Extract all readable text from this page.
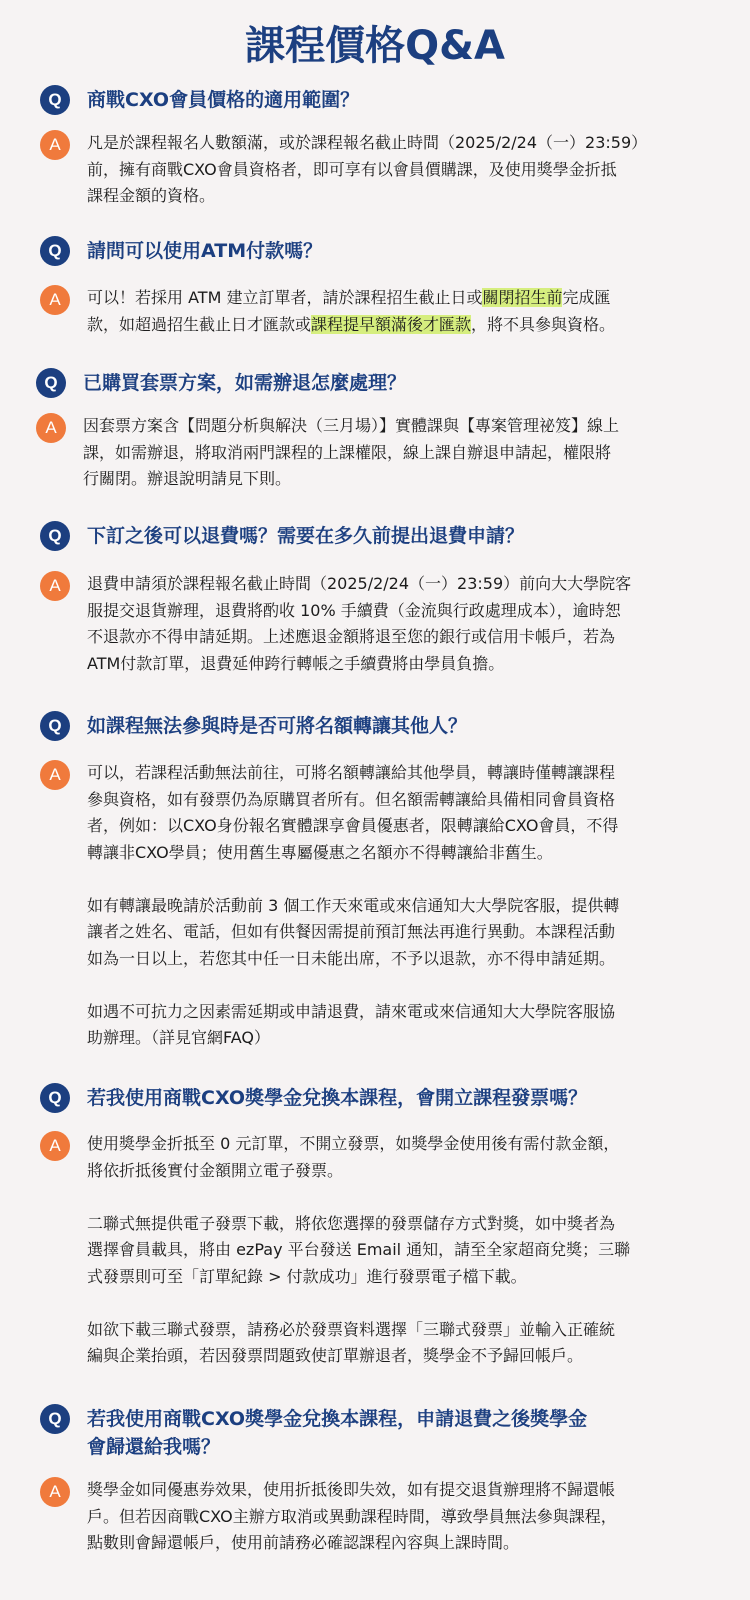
課程價格Q&A
Q	商戰CXO會員價格的適用範圍？
A	凡是於課程報名人數額滿，或於課程報名截止時間（2025/2/24（一）23:59）
前，擁有商戰CXO會員資格者，即可享有以會員價購課，及使用獎學金折抵
課程金額的資格。
Q	請問可以使用ATM付款嗎？
A	可以！若採用 ATM 建立訂單者，請於課程招生截止日或關閉招生前完成匯
款，如超過招生截止日才匯款或課程提早額滿後才匯款，將不具參與資格。
Q	已購買套票方案，如需辦退怎麼處理？
A	因套票方案含【問題分析與解決（三月場）】實體課與【專案管理祕笈】線上
課，如需辦退，將取消兩門課程的上課權限，線上課自辦退申請起，權限將
行關閉。辦退說明請見下則。
Q	下訂之後可以退費嗎？需要在多久前提出退費申請？
A	退費申請須於課程報名截止時間（2025/2/24（一）23:59）前向大大學院客
服提交退貨辦理，退費將酌收 10% 手續費（金流與行政處理成本），逾時恕
不退款亦不得申請延期。上述應退金額將退至您的銀行或信用卡帳戶，若為
ATM付款訂單，退費延伸跨行轉帳之手續費將由學員負擔。
Q	如課程無法參與時是否可將名額轉讓其他人？
A	可以，若課程活動無法前往，可將名額轉讓給其他學員，轉讓時僅轉讓課程
參與資格，如有發票仍為原購買者所有。但名額需轉讓給具備相同會員資格
者，例如：以CXO身份報名實體課享會員優惠者，限轉讓給CXO會員，不得
轉讓非CXO學員；使用舊生專屬優惠之名額亦不得轉讓給非舊生。

如有轉讓最晚請於活動前 3 個工作天來電或來信通知大大學院客服，提供轉
讓者之姓名、電話，但如有供餐因需提前預訂無法再進行異動。本課程活動
如為一日以上，若您其中任一日未能出席，不予以退款，亦不得申請延期。

如遇不可抗力之因素需延期或申請退費，請來電或來信通知大大學院客服協
助辦理。（詳見官網FAQ）
Q	若我使用商戰CXO獎學金兌換本課程，會開立課程發票嗎？
A	使用獎學金折抵至 0 元訂單，不開立發票，如獎學金使用後有需付款金額，
將依折抵後實付金額開立電子發票。

二聯式無提供電子發票下載，將依您選擇的發票儲存方式對獎，如中獎者為
選擇會員載具，將由 ezPay 平台發送 Email 通知，請至全家超商兌獎；三聯
式發票則可至「訂單紀錄 > 付款成功」進行發票電子檔下載。

如欲下載三聯式發票，請務必於發票資料選擇「三聯式發票」並輸入正確統
編與企業抬頭，若因發票問題致使訂單辦退者，獎學金不予歸回帳戶。
Q	若我使用商戰CXO獎學金兌換本課程，申請退費之後獎學金
會歸還給我嗎？
A	獎學金如同優惠券效果，使用折抵後即失效，如有提交退貨辦理將不歸還帳
戶。但若因商戰CXO主辦方取消或異動課程時間，導致學員無法參與課程，
點數則會歸還帳戶，使用前請務必確認課程內容與上課時間。
